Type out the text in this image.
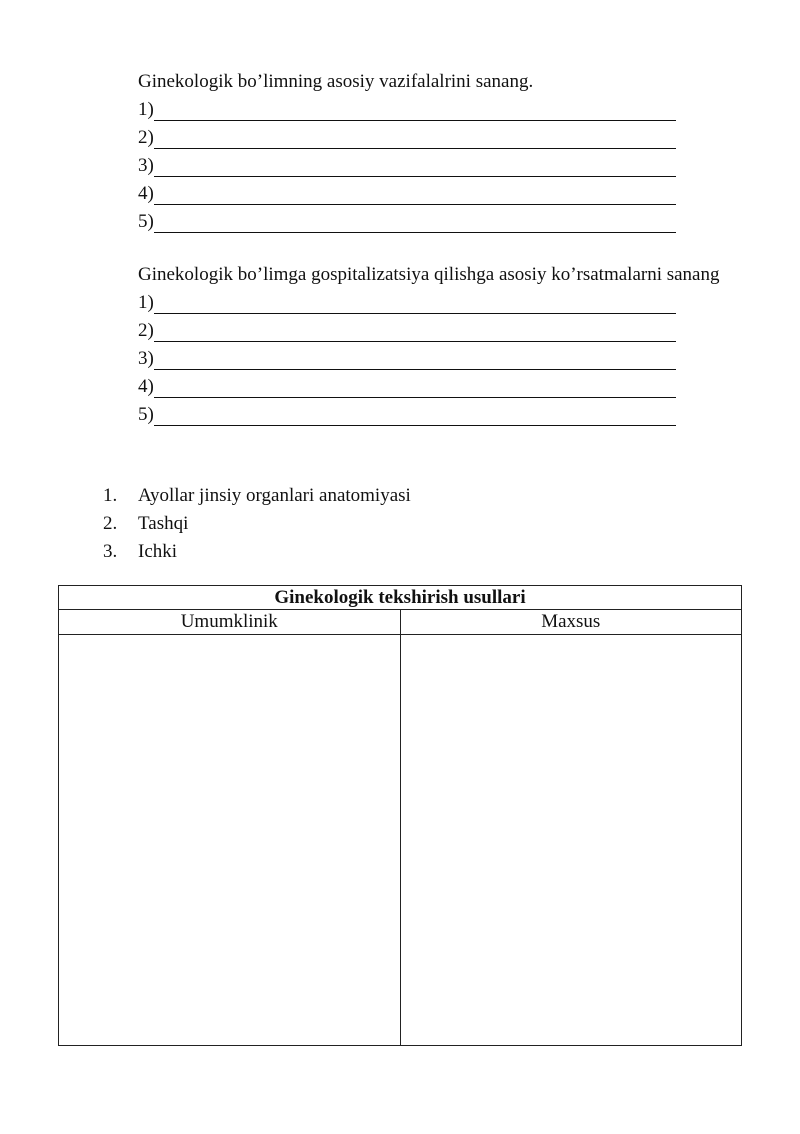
Ginekologik bo’limning asosiy vazifalalrini sanang.

1)
2)
3)
4)
5)

Ginekologik bo’limga gospitalizatsiya qilishga asosiy ko’rsatmalarni sanang

1)
2)
3)
4)
5)
1. Ayollar jinsiy organlari anatomiyasi
2. Tashqi
3. Ichki
Ginekologik tekshirish usullari	
Umumklinik	Maxsus
